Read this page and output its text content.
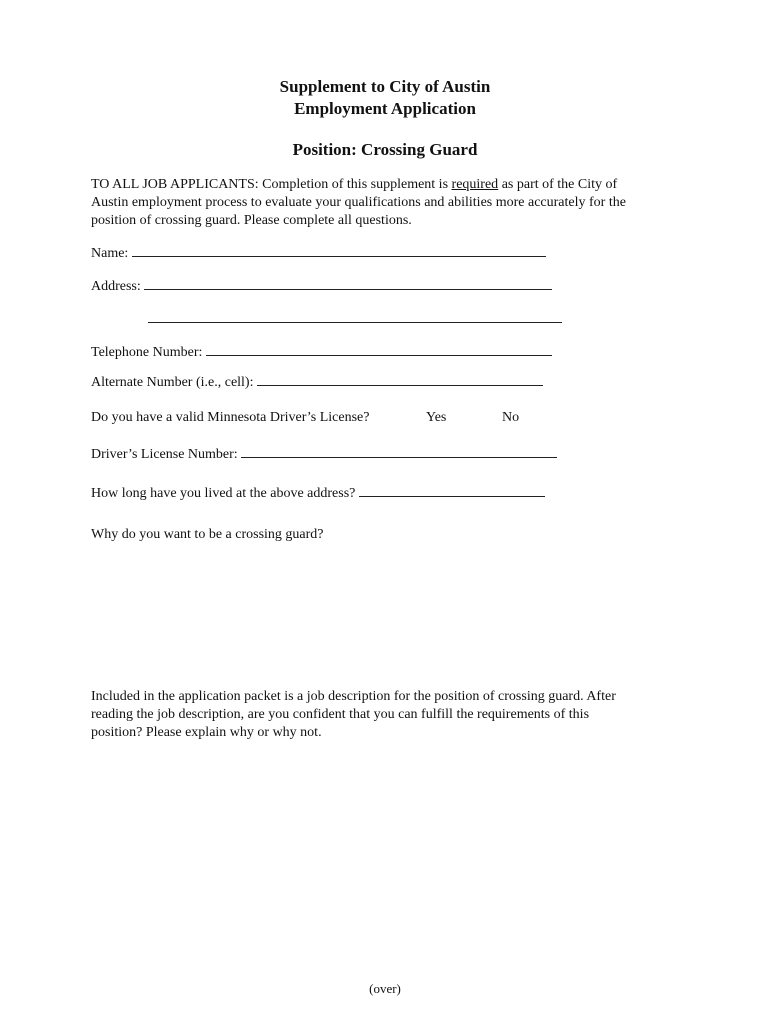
Supplement to City of Austin
Employment Application
Position: Crossing Guard
TO ALL JOB APPLICANTS: Completion of this supplement is required as part of the City of
Austin employment process to evaluate your qualifications and abilities more accurately for the
position of crossing guard. Please complete all questions.
Name:
Address:
Telephone Number:
Alternate Number (i.e., cell):
Do you have a valid Minnesota Driver’s License?	Yes	No
Driver’s License Number:
How long have you lived at the above address?
Why do you want to be a crossing guard?
Included in the application packet is a job description for the position of crossing guard. After
reading the job description, are you confident that you can fulfill the requirements of this
position? Please explain why or why not.
(over)
